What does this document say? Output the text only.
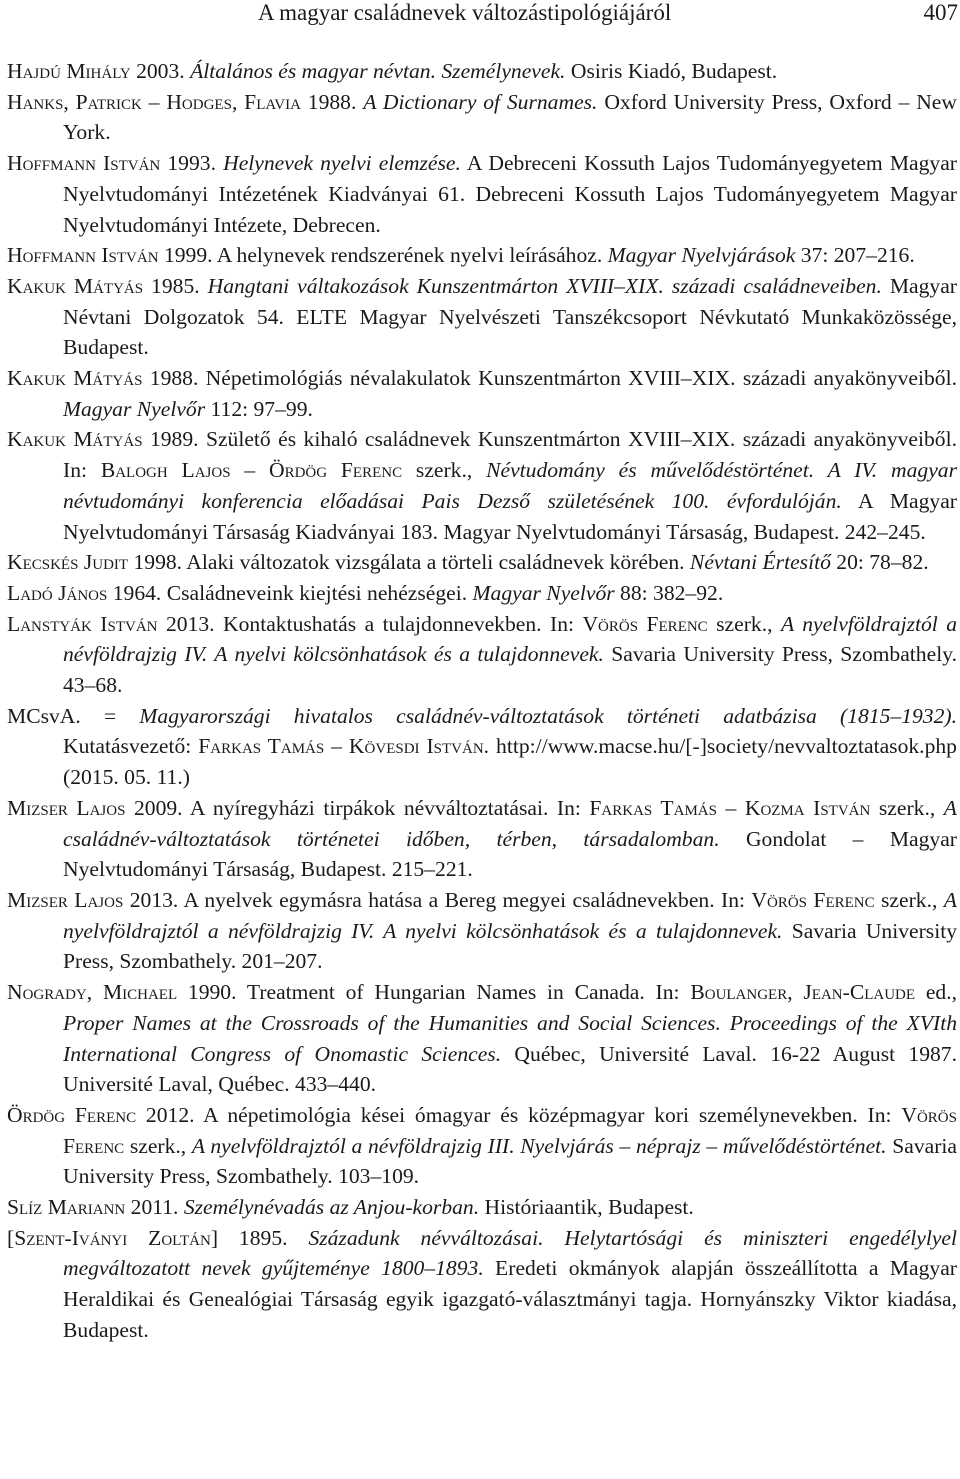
A magyar családnevek változástipológiájáról	407

Hajdú Mihály 2003. Általános és magyar névtan. Személynevek. Osiris Kiadó, Budapest.

Hanks, Patrick – Hodges, Flavia 1988. A Dictionary of Surnames. Oxford University Press, Oxford – New York.

Hoffmann István 1993. Helynevek nyelvi elemzése. A Debreceni Kossuth Lajos Tudományegyetem Magyar Nyelvtudományi Intézetének Kiadványai 61. Debreceni Kossuth Lajos Tudományegyetem Magyar Nyelvtudományi Intézete, Debrecen.

Hoffmann István 1999. A helynevek rendszerének nyelvi leírásához. Magyar Nyelvjárások 37: 207–216.

Kakuk Mátyás 1985. Hangtani váltakozások Kunszentmárton XVIII–XIX. századi családneveiben. Magyar Névtani Dolgozatok 54. ELTE Magyar Nyelvészeti Tanszékcsoport Névkutató Munkaközössége, Budapest.

Kakuk Mátyás 1988. Népetimológiás névalakulatok Kunszentmárton XVIII–XIX. századi anyakönyveiből. Magyar Nyelvőr 112: 97–99.

Kakuk Mátyás 1989. Születő és kihaló családnevek Kunszentmárton XVIII–XIX. századi anyakönyveiből. In: Balogh Lajos – Ördög Ferenc szerk., Névtudomány és művelődéstörténet. A IV. magyar névtudományi konferencia előadásai Pais Dezső születésének 100. évfordulóján. A Magyar Nyelvtudományi Társaság Kiadványai 183. Magyar Nyelvtudományi Társaság, Budapest. 242–245.

Kecskés Judit 1998. Alaki változatok vizsgálata a törteli családnevek körében. Névtani Értesítő 20: 78–82.

Ladó János 1964. Családneveink kiejtési nehézségei. Magyar Nyelvőr 88: 382–92.

Lanstyák István 2013. Kontaktushatás a tulajdonnevekben. In: Vörös Ferenc szerk., A nyelvföldrajztól a névföldrajzig IV. A nyelvi kölcsönhatások és a tulajdonnevek. Savaria University Press, Szombathely. 43–68.

MCsvA. = Magyarországi hivatalos családnév-változtatások történeti adatbázisa (1815–1932). Kutatásvezető: Farkas Tamás – Kövesdi István. http://www.macse.hu/[-]society/nevvaltoztatasok.php (2015. 05. 11.)

Mizser Lajos 2009. A nyíregyházi tirpákok névváltoztatásai. In: Farkas Tamás – Kozma István szerk., A családnév-változtatások történetei időben, térben, társadalomban. Gondolat – Magyar Nyelvtudományi Társaság, Budapest. 215–221.

Mizser Lajos 2013. A nyelvek egymásra hatása a Bereg megyei családnevekben. In: Vörös Ferenc szerk., A nyelvföldrajztól a névföldrajzig IV. A nyelvi kölcsönhatások és a tulajdonnevek. Savaria University Press, Szombathely. 201–207.

Nogrady, Michael 1990. Treatment of Hungarian Names in Canada. In: Boulanger, Jean-Claude ed., Proper Names at the Crossroads of the Humanities and Social Sciences. Proceedings of the XVIth International Congress of Onomastic Sciences. Québec, Université Laval. 16-22 August 1987. Université Laval, Québec. 433–440.

Ördög Ferenc 2012. A népetimológia kései ómagyar és középmagyar kori személynevekben. In: Vörös Ferenc szerk., A nyelvföldrajztól a névföldrajzig III. Nyelvjárás – néprajz – művelődéstörténet. Savaria University Press, Szombathely. 103–109.

Slíz Mariann 2011. Személynévadás az Anjou-korban. Históriaantik, Budapest.

[Szent-Iványi Zoltán] 1895. Századunk névváltozásai. Helytartósági és miniszteri engedélylyel megváltozatott nevek gyűjteménye 1800–1893. Eredeti okmányok alapján összeállította a Magyar Heraldikai és Genealógiai Társaság egyik igazgató-választmányi tagja. Hornyánszky Viktor kiadása, Budapest.
